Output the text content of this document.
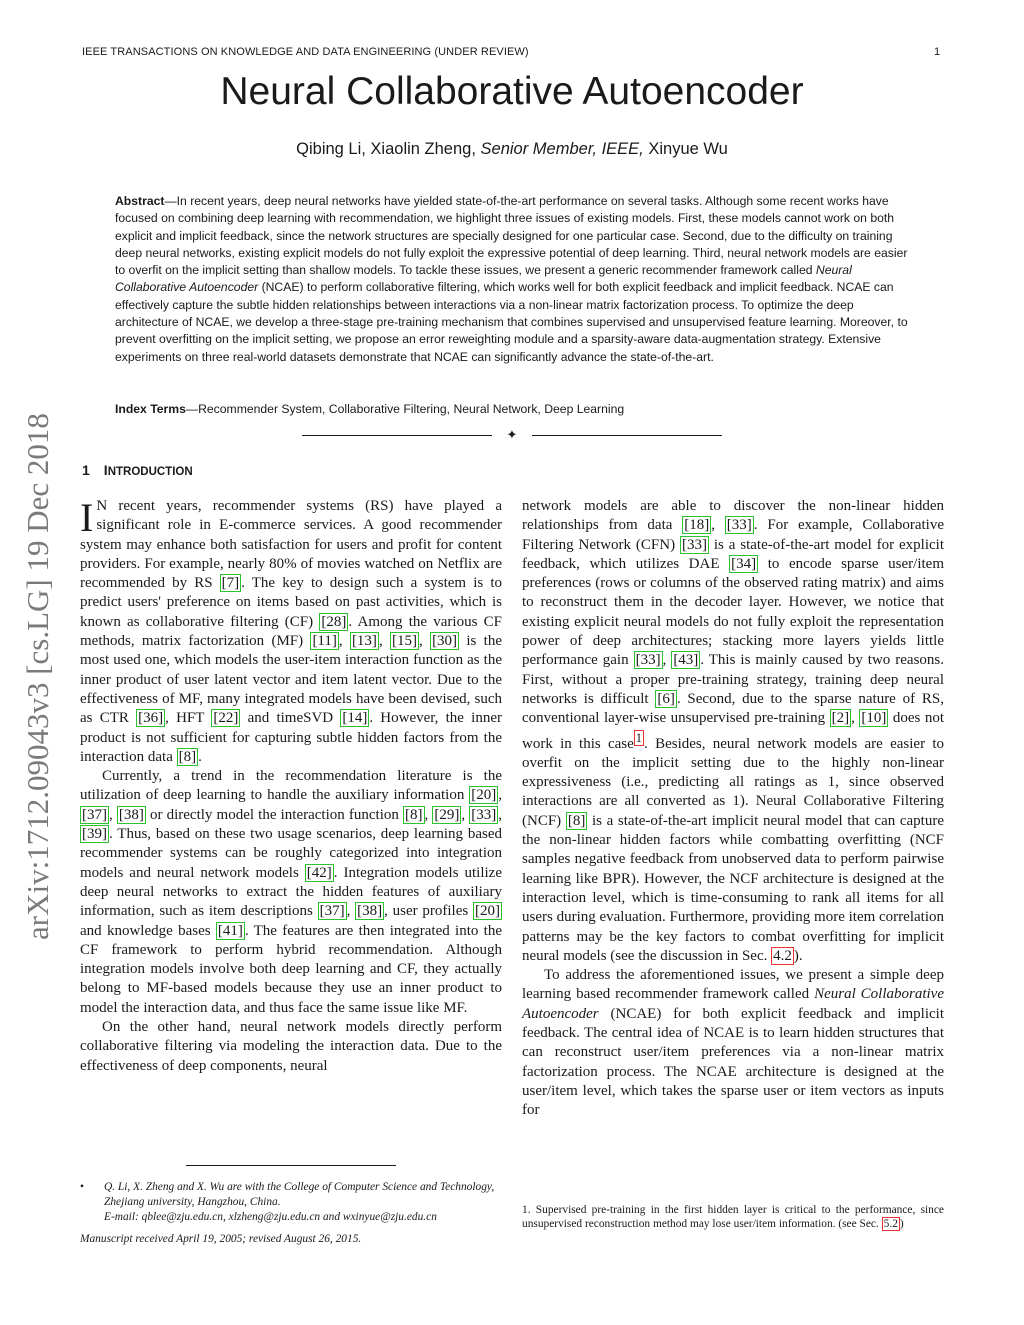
IEEE TRANSACTIONS ON KNOWLEDGE AND DATA ENGINEERING (UNDER REVIEW)	1
Neural Collaborative Autoencoder
Qibing Li, Xiaolin Zheng, Senior Member, IEEE, Xinyue Wu
Abstract—In recent years, deep neural networks have yielded state-of-the-art performance on several tasks. Although some recent works have focused on combining deep learning with recommendation, we highlight three issues of existing models. First, these models cannot work on both explicit and implicit feedback, since the network structures are specially designed for one particular case. Second, due to the difficulty on training deep neural networks, existing explicit models do not fully exploit the expressive potential of deep learning. Third, neural network models are easier to overfit on the implicit setting than shallow models. To tackle these issues, we present a generic recommender framework called Neural Collaborative Autoencoder (NCAE) to perform collaborative filtering, which works well for both explicit feedback and implicit feedback. NCAE can effectively capture the subtle hidden relationships between interactions via a non-linear matrix factorization process. To optimize the deep architecture of NCAE, we develop a three-stage pre-training mechanism that combines supervised and unsupervised feature learning. Moreover, to prevent overfitting on the implicit setting, we propose an error reweighting module and a sparsity-aware data-augmentation strategy. Extensive experiments on three real-world datasets demonstrate that NCAE can significantly advance the state-of-the-art.
Index Terms—Recommender System, Collaborative Filtering, Neural Network, Deep Learning
✦
1 INTRODUCTION

I N recent years, recommender systems (RS) have played a significant role in E-commerce services. A good recommender system may enhance both satisfaction for users and profit for content providers. For example, nearly 80% of movies watched on Netflix are recommended by RS [7] . The key to design such a system is to predict users' preference on items based on past activities, which is known as collaborative filtering (CF) [28] . Among the various CF methods, matrix factorization (MF) [11] , [13] , [15] , [30] is the most used one, which models the user-item interaction function as the inner product of user latent vector and item latent vector. Due to the effectiveness of MF, many integrated models have been devised, such as CTR [36] , HFT [22] and timeSVD [14] . However, the inner product is not sufficient for capturing subtle hidden factors from the interaction data [8] .

Currently, a trend in the recommendation literature is the utilization of deep learning to handle the auxiliary information [20] , [37] , [38] or directly model the interaction function [8] , [29] , [33] , [39] . Thus, based on these two usage scenarios, deep learning based recommender systems can be roughly categorized into integration models and neural network models [42] . Integration models utilize deep neural networks to extract the hidden features of auxiliary information, such as item descriptions [37] , [38] , user profiles [20] and knowledge bases [41] . The features are then integrated into the CF framework to perform hybrid recommendation. Although integration models involve both deep learning and CF, they actually belong to MF-based models because they use an inner product to model the interaction data, and thus face the same issue like MF.

On the other hand, neural network models directly perform collaborative filtering via modeling the interaction data. Due to the effectiveness of deep components, neural

network models are able to discover the non-linear hidden relationships from data [18] , [33] . For example, Collaborative Filtering Network (CFN) [33] is a state-of-the-art model for explicit feedback, which utilizes DAE [34] to encode sparse user/item preferences (rows or columns of the observed rating matrix) and aims to reconstruct them in the decoder layer. However, we notice that existing explicit neural models do not fully exploit the representation power of deep architectures; stacking more layers yields little performance gain [33] , [43] . This is mainly caused by two reasons. First, without a proper pre-training strategy, training deep neural networks is difficult [6] . Second, due to the sparse nature of RS, conventional layer-wise unsupervised pre-training [2] , [10] does not work in this case $^1$ . Besides, neural network models are easier to overfit on the implicit setting due to the highly non-linear expressiveness (i.e., predicting all ratings as 1, since observed interactions are all converted as 1). Neural Collaborative Filtering (NCF) [8] is a state-of-the-art implicit neural model that can capture the non-linear hidden factors while combatting overfitting (NCF samples negative feedback from unobserved data to perform pairwise learning like BPR). However, the NCF architecture is designed at the interaction level, which is time-consuming to rank all items for all users during evaluation. Furthermore, providing more item correlation patterns may be the key factors to combat overfitting for implicit neural models (see the discussion in Sec. 4.2 ).

To address the aforementioned issues, we present a simple deep learning based recommender framework called Neural Collaborative Autoencoder (NCAE) for both explicit feedback and implicit feedback. The central idea of NCAE is to learn hidden structures that can reconstruct user/item preferences via a non-linear matrix factorization process. The NCAE architecture is designed at the user/item level, which takes the sparse user or item vectors as inputs for

• Q. Li, X. Zheng and X. Wu are with the College of Computer Science and Technology, Zhejiang university, Hangzhou, China.
E-mail: qblee@zju.edu.cn, xlzheng@zju.edu.cn and wxinyue@zju.edu.cn
Manuscript received April 19, 2005; revised August 26, 2015.
1. Supervised pre-training in the first hidden layer is critical to the performance, since unsupervised reconstruction method may lose user/item information. (see Sec. 5.2 )
arXiv:1712.09043v3 [cs.LG] 19 Dec 2018
